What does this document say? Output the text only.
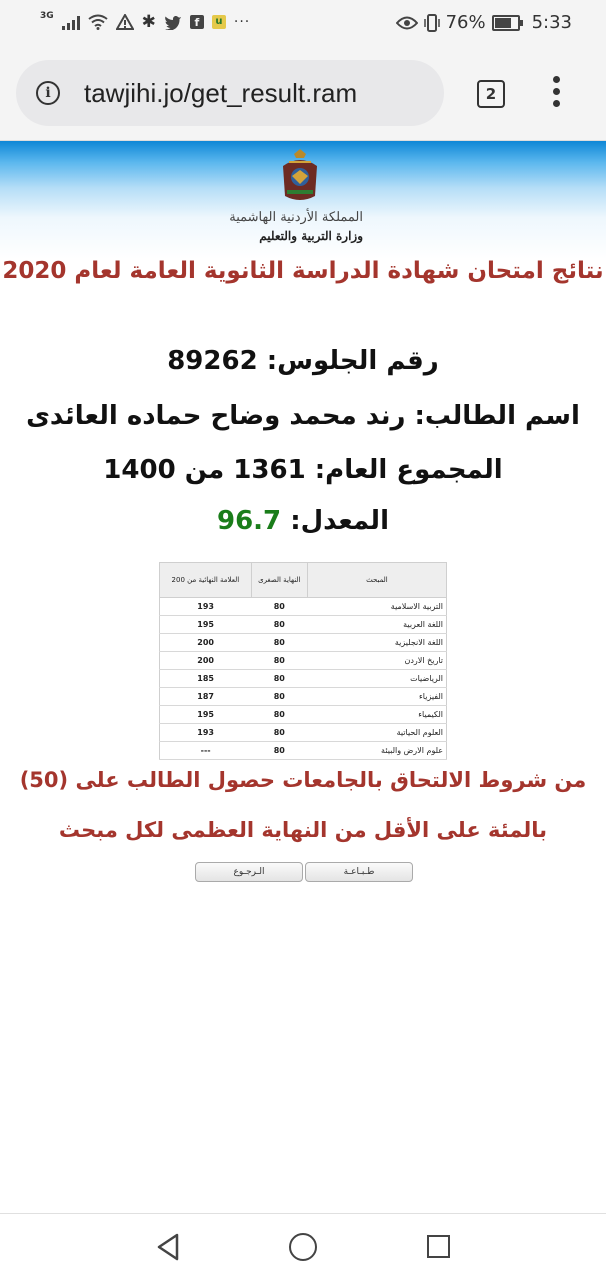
3G	✱	f	u ···	76%	5:33
i	tawjihi.jo/get_result.ram	2
المملكة الأردنية الهاشمية
وزارة التربية والتعليم
نتائج امتحان شهادة الدراسة الثانوية العامة لعام 2020
رقم الجلوس: 89262
اسم الطالب: رند محمد وضاح حماده العائدى
المجموع العام: 1361 من 1400
المعدل: 96.7
المبحث	النهاية الصغرى	العلامة النهائية من 200
التربية الاسلامية	80	193
اللغة العربية	80	195
اللغة الانجليزية	80	200
تاريخ الاردن	80	200
الرياضيات	80	185
الفيزياء	80	187
الكيمياء	80	195
العلوم الحياتية	80	193
علوم الارض والبيئة	80	---
من شروط الالتحاق بالجامعات حصول الطالب على (50)
بالمئة على الأقل من النهاية العظمى لكل مبحث
طـبـاعـة
الـرجـوع
